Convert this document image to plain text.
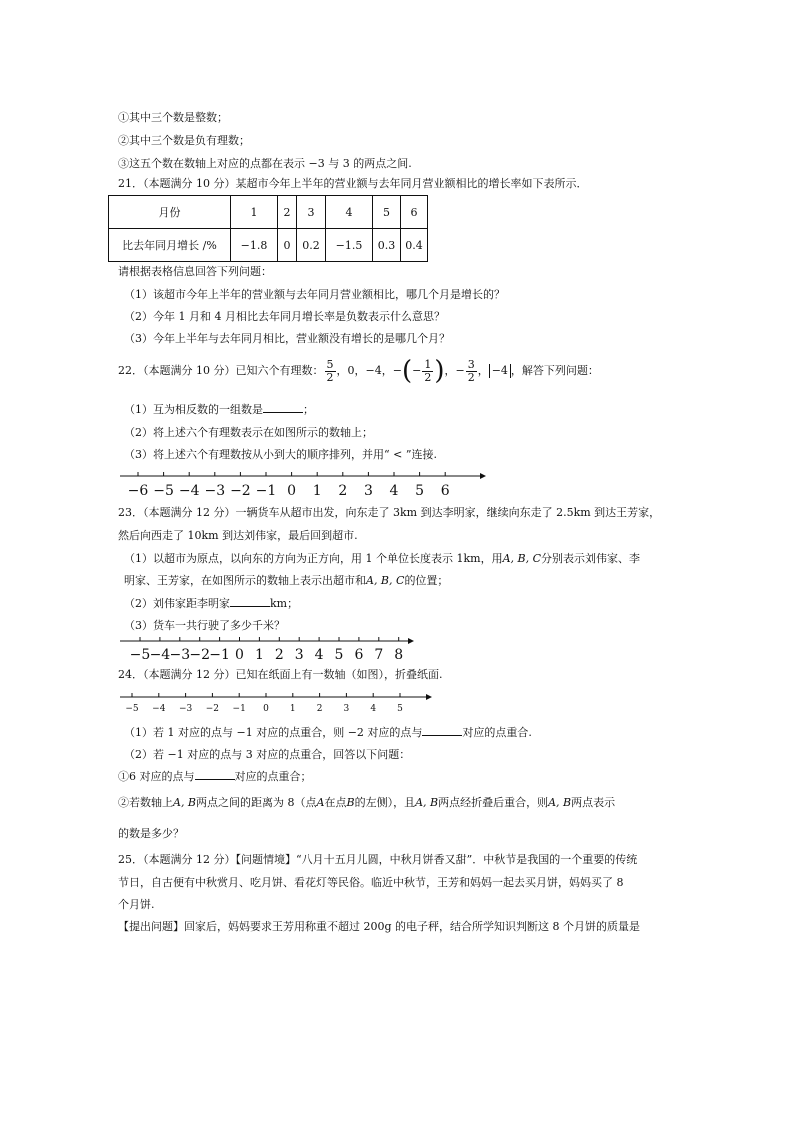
①其中三个数是整数；
②其中三个数是负有理数；
③这五个数在数轴上对应的点都在表示 −3 与 3 的两点之间.
21．（本题满分 10 分）某超市今年上半年的营业额与去年同月营业额相比的增长率如下表所示．
月份	1	2	3	4	5	6
比去年同月增长 /%	−1.8	0	0.2	−1.5	0.3	0.4
请根据表格信息回答下列问题：
（1）该超市今年上半年的营业额与去年同月营业额相比，哪几个月是增长的？
（2）今年 1 月和 4 月相比去年同月增长率是负数表示什么意思？
（3）今年上半年与去年同月相比，营业额没有增长的是哪几个月？
22．（本题满分 10 分）已知六个有理数： $\frac{5}{2}$ ，0，−4，−(− $\frac{1}{2}$ )，− $\frac{3}{2}$ ， −4 ，解答下列问题：
（1）互为相反数的一组数是	；
（2）将上述六个有理数表示在如图所示的数轴上；
（3）将上述六个有理数按从小到大的顺序排列，并用“ < ”连接.
−6 −5 −4 −3 −2 −1 0 1 2 3 4 5 6
23．（本题满分 12 分）一辆货车从超市出发，向东走了 3km 到达李明家，继续向东走了 2.5km 到达王芳家，
然后向西走了 10km 到达刘伟家，最后回到超市.
（1）以超市为原点，以向东的方向为正方向，用 1 个单位长度表示 1km，用A, B, C分别表示刘伟家、李
明家、王芳家，在如图所示的数轴上表示出超市和A, B, C的位置；
（2）刘伟家距李明家	km；
（3）货车一共行驶了多少千米？
−5 −4 −3 −2 −1 0 1 2 3 4 5 6 7 8
24．（本题满分 12 分）已知在纸面上有一数轴（如图），折叠纸面.
−5 −4 −3 −2 −1 0 1 2 3 4 5
（1）若 1 对应的点与 −1 对应的点重合，则 −2 对应的点与	对应的点重合.
（2）若 −1 对应的点与 3 对应的点重合，回答以下问题：
①6 对应的点与	对应的点重合；
②若数轴上A, B两点之间的距离为 8（点A在点B的左侧），且A, B两点经折叠后重合，则A, B两点表示
的数是多少？
25．（本题满分 12 分）【问题情境】“八月十五月儿圆，中秋月饼香又甜”．中秋节是我国的一个重要的传统
节日，自古便有中秋赏月、吃月饼、看花灯等民俗。临近中秋节，王芳和妈妈一起去买月饼，妈妈买了 8
个月饼.
【提出问题】回家后，妈妈要求王芳用称重不超过 200g 的电子秤，结合所学知识判断这 8 个月饼的质量是
